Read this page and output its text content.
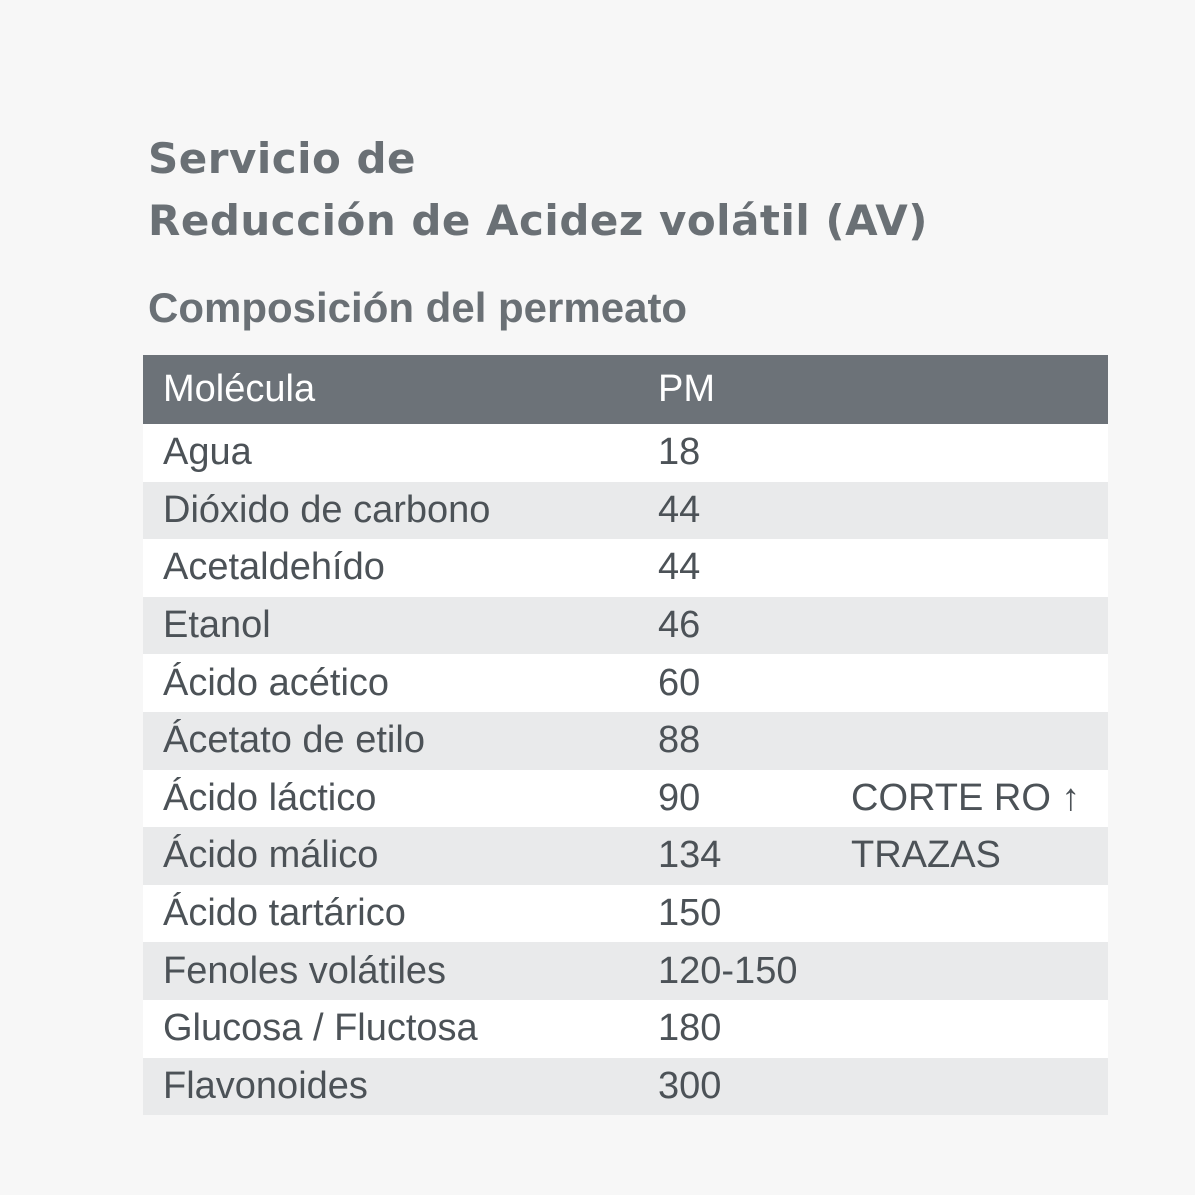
Servicio de
Reducción de Acidez volátil (AV)
Composición del permeato
Molécula	PM
Agua	18
Dióxido de carbono	44
Acetaldehído	44
Etanol	46
Ácido acético	60
Ácetato de etilo	88
Ácido láctico	90	CORTE RO ↑
Ácido málico	134	TRAZAS
Ácido tartárico	150
Fenoles volátiles	120-150
Glucosa / Fluctosa	180
Flavonoides	300
